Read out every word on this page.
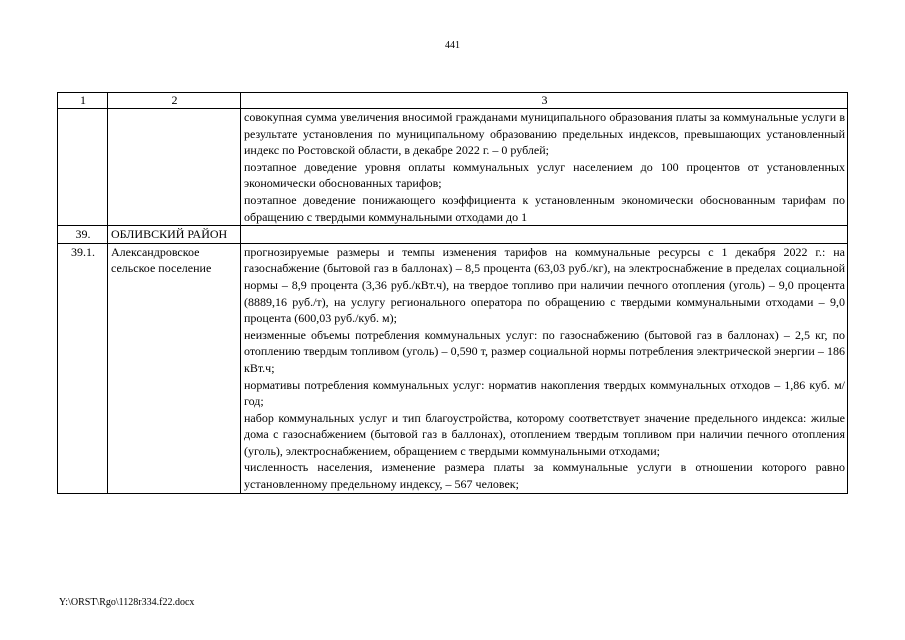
441
1	2	3

		совокупная сумма увеличения вносимой гражданами муниципального образования платы за коммунальные услуги в результате установления по муниципальному образованию предельных индексов, превышающих установленный индекс по Ростовской области, в декабре 2022 г. – 0 рублей;

поэтапное доведение уровня оплаты коммунальных услуг населением до 100 процентов от установленных экономически обоснованных тарифов;

поэтапное доведение понижающего коэффициента к установленным экономически обоснованным тарифам по обращению с твердыми коммунальными отходами до 1

39.	ОБЛИВСКИЙ РАЙОН	
39.1.	Александровское сельское поселение	прогнозируемые размеры и темпы изменения тарифов на коммунальные ресурсы с 1 декабря 2022 г.: на газоснабжение (бытовой газ в баллонах) – 8,5 процента (63,03 руб./кг), на электроснабжение в пределах социальной нормы – 8,9 процента (3,36 руб./кВт.ч), на твердое топливо при наличии печного отопления (уголь) – 9,0 процента (8889,16 руб./т), на услугу регионального оператора по обращению с твердыми коммунальными отходами – 9,0 процента (600,03 руб./куб. м);

неизменные объемы потребления коммунальных услуг: по газоснабжению (бытовой газ в баллонах) – 2,5 кг, по отоплению твердым топливом (уголь) – 0,590 т, размер социальной нормы потребления электрической энергии – 186 кВт.ч;

нормативы потребления коммунальных услуг: норматив накопления твердых коммунальных отходов – 1,86 куб. м/год;

набор коммунальных услуг и тип благоустройства, которому соответствует значение предельного индекса: жилые дома с газоснабжением (бытовой газ в баллонах), отоплением твердым топливом при наличии печного отопления (уголь), электроснабжением, обращением с твердыми коммунальными отходами;

численность населения, изменение размера платы за коммунальные услуги в отношении которого равно установленному предельному индексу, – 567 человек;

Y:\ORST\Rgo\1128r334.f22.docx
